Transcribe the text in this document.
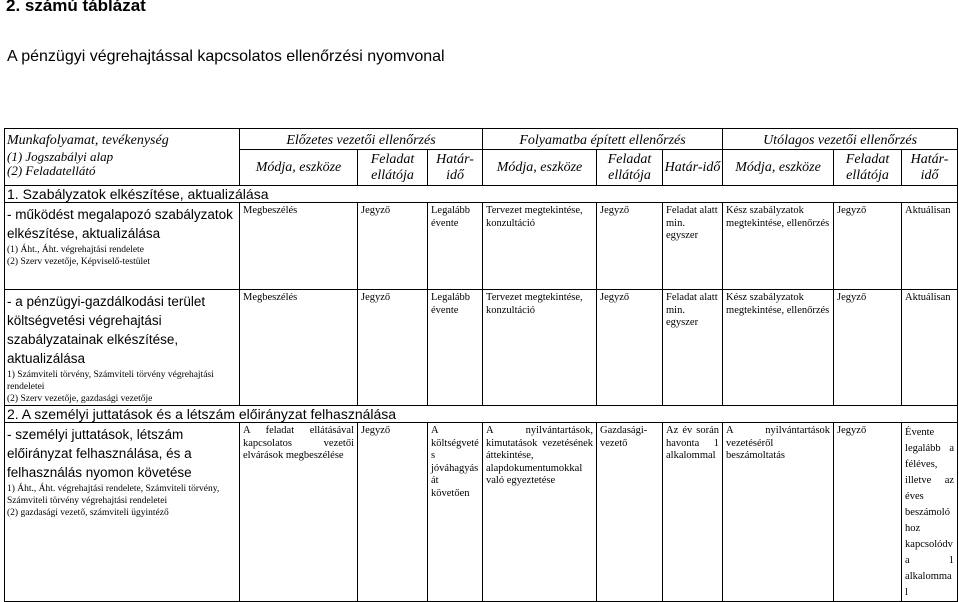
2. számú táblázat
A pénzügyi végrehajtással kapcsolatos ellenőrzési nyomvonal
Munkafolyamat, tevékenység	Előzetes vezetői ellenőrzés			Folyamatba épített ellenőrzés			Utólagos vezetői ellenőrzés		

(1) Jogszabályi alap
(2) Feladatellátó	Módja, eszköze	Feladat ellátója	Határ-idő	Módja, eszköze	Feladat ellátója	Határ-idő	Módja, eszköze	Feladat ellátója	Határ-idő
1. Szabályzatok elkészítése, aktualizálása									

- működést megalapozó szabályzatok elkészítése, aktualizálása
(1) Áht., Áht. végrehajtási rendelete
(2) Szerv vezetője, Képviselő-testület	Megbeszélés	Jegyző	Legalább évente	Tervezet megtekintése, konzultáció	Jegyző	Feladat alatt min. egyszer	Kész szabályzatok megtekintése, ellenőrzés	Jegyző	Aktuálisan

- a pénzügyi-gazdálkodási terület költségvetési végrehajtási szabályzatainak elkészítése, aktualizálása
1) Számviteli törvény, Számviteli törvény végrehajtási rendeletei
(2) Szerv vezetője, gazdasági vezetője	Megbeszélés	Jegyző	Legalább évente	Tervezet megtekintése, konzultáció	Jegyző	Feladat alatt min. egyszer	Kész szabályzatok megtekintése, ellenőrzés	Jegyző	Aktuálisan
2. A személyi juttatások és a létszám előirányzat felhasználása									

- személyi juttatások, létszám előirányzat felhasználása, és a felhasználás nyomon követése
1) Áht., Áht. végrehajtási rendelete, Számviteli törvény, Számviteli törvény végrehajtási rendeletei
(2) gazdasági vezető, számviteli ügyintéző	A feladat ellátásával kapcsolatos vezetői elvárások megbeszélése	Jegyző	A költségveté s jóváhagyás át követően	A nyilvántartások, kimutatások vezetésének áttekintése, alapdokumentumokkal való egyeztetése	Gazdasági-vezető	Az év során havonta 1 alkalommal	A nyilvántartások vezetéséről beszámoltatás	Jegyző	Évente legalább a féléves, illetve az éves beszámoló hoz kapcsolódv a 1 alkalomma l
